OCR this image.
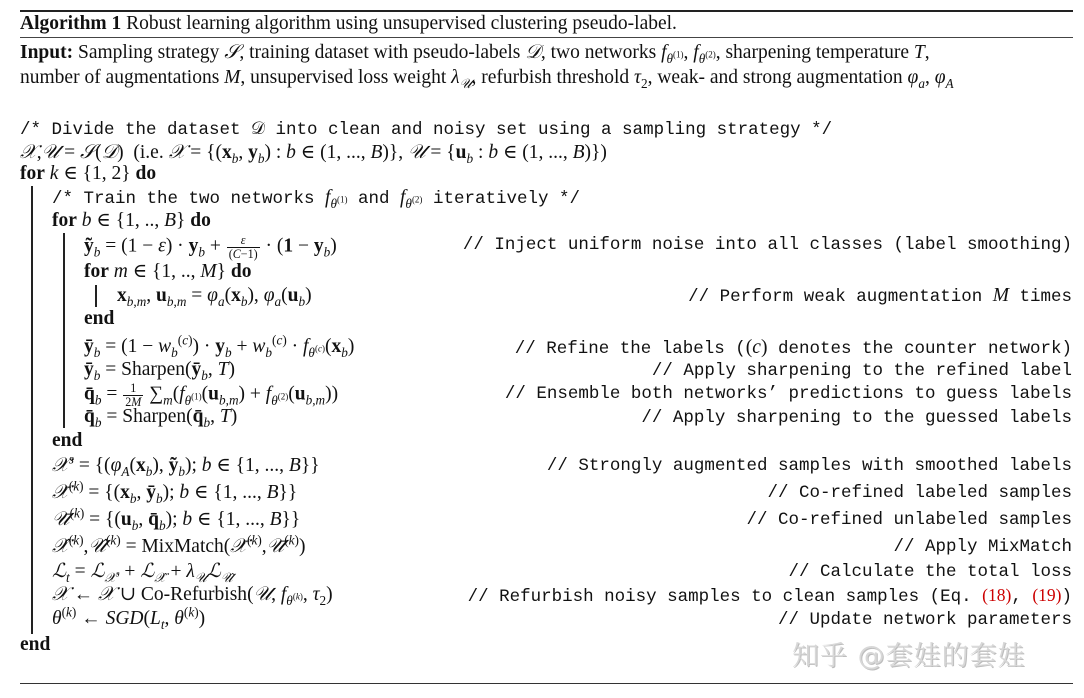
Algorithm 1 Robust learning algorithm using unsupervised clustering pseudo-label.
Input: Sampling strategy 𝒮, training dataset with pseudo-labels 𝒟, two networks $f_{\theta^{(1)}}$, $f_{\theta^{(2)}}$, sharpening temperature T,
number of augmentations M, unsupervised loss weight $\lambda_𝒰$, refurbish threshold $\tau_2$, weak- and strong augmentation $\varphi_a$, $\varphi_A$
/* Divide the dataset 𝒟 into clean and noisy set using a sampling strategy */
𝒳,𝒰 = 𝒮(𝒟)  (i.e. 𝒳 = {($x_b$, $y_b$) : b ∈ (1, ..., B)}, 𝒰 = {$u_b$ : b ∈ (1, ..., B)})
for k ∈ {1, 2} do
/* Train the two networks $f_{\theta^{(1)}}$ and $f_{\theta^{(2)}}$ iteratively */
for b ∈ {1, .., B} do
ỹ$_b$ = $(1 - \varepsilon) \cdot y_b + \frac{\varepsilon}{(C-1)} \cdot (1 - y_b)$	// Inject uniform noise into all classes (label smoothing)
for m ∈ {1, .., M} do
$x_{b,m}$, $u_{b,m} = \varphi_a(x_b)$, $\varphi_a(u_b)$	// Perform weak augmentation M times
end
$ȳ_b = (1 - w_b^{(c)}) \cdot y_b + w_b^{(c)} \cdot f_{\theta^{(c)}}(x_b)$	// Refine the labels ((c) denotes the counter network)
$ȳ_b$ = $Sharpen(ȳ_b$, T)	// Apply sharpening to the refined label
$q̄_b = \frac{1}{2M} \sum_m(f_{\theta^{(1)}}(u_{b,m}) + f_{\theta^{(2)}}(u_{b,m}))$	// Ensemble both networks’ predictions to guess labels
$q̄_b$ = $Sharpen(q̄_b$, T)	// Apply sharpening to the guessed labels
end
𝒳$^s$ = {($\varphi_A(x_b)$, ỹ$_b$); b ∈ {1, ..., B}}	// Strongly augmented samples with smoothed labels
𝒳̄$^{(k)}$ = {($x_b$, $ȳ_b$); b ∈ {1, ..., B}}	// Co-refined labeled samples
𝒰̄$^{(k)}$ = {($u_b$, $q̄_b$); b ∈ {1, ..., B}}	// Co-refined unlabeled samples
𝒳̂$^{(k)}$,𝒰̂$^{(k)}$ = MixMatch(𝒳̄$^{(k)}$,𝒰̄$^{(k)}$)	// Apply MixMatch
ℒ$_t$ = ℒ$_{𝒳^s}$ + ℒ$_{𝒳̂}$ + $\lambda_𝒰ℒ_{𝒰̂}$	// Calculate the total loss
𝒳 ← 𝒳 ∪ Co-Refurbish(𝒰, $f_{\theta^{(k)}}$, $\tau_2$)	// Refurbish noisy samples to clean samples (Eq. (18), (19))
$\theta^{(k)}$ ← $SGD(L_t$, $\theta^{(k)}$)	// Update network parameters
end	知乎 @套娃的套娃
